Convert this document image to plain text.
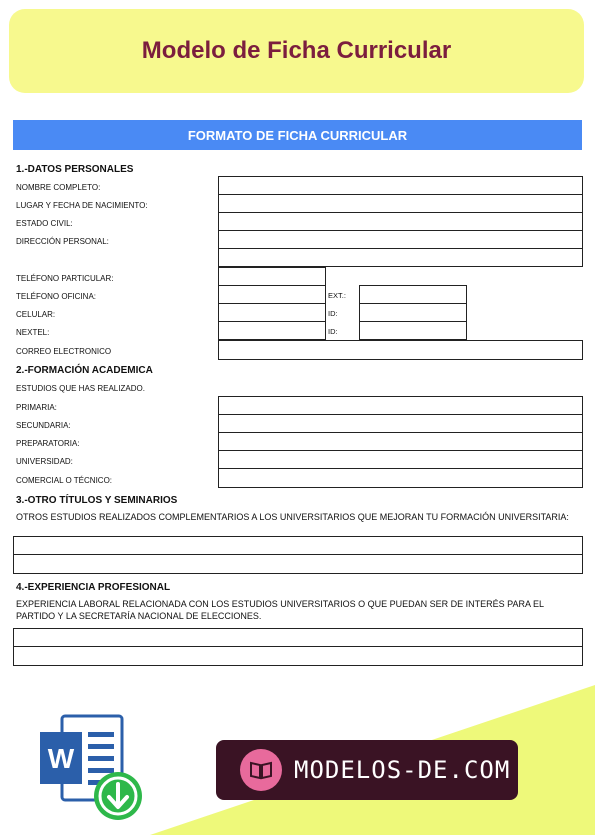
Modelo de Ficha Curricular
FORMATO DE FICHA CURRICULAR
1.-DATOS PERSONALES
NOMBRE COMPLETO:
LUGAR Y FECHA DE NACIMIENTO:
ESTADO CIVIL:
DIRECCIÓN PERSONAL:
TELÉFONO PARTICULAR:
TELÉFONO OFICINA:
CELULAR:
NEXTEL:
CORREO ELECTRONICO
EXT.:
ID:
ID:
2.-FORMACIÓN ACADEMICA
ESTUDIOS QUE HAS REALIZADO.
PRIMARIA:
SECUNDARIA:
PREPARATORIA:
UNIVERSIDAD:
COMERCIAL O TÉCNICO:
3.-OTRO TÍTULOS Y SEMINARIOS
OTROS ESTUDIOS REALIZADOS COMPLEMENTARIOS A LOS UNIVERSITARIOS QUE MEJORAN TU FORMACIÓN UNIVERSITARIA:
4.-EXPERIENCIA PROFESIONAL
EXPERIENCIA LABORAL RELACIONADA CON LOS ESTUDIOS UNIVERSITARIOS O QUE PUEDAN SER DE INTERÉS PARA EL PARTIDO Y LA SECRETARÍA NACIONAL DE ELECCIONES.
W	MODELOS-DE.COM
